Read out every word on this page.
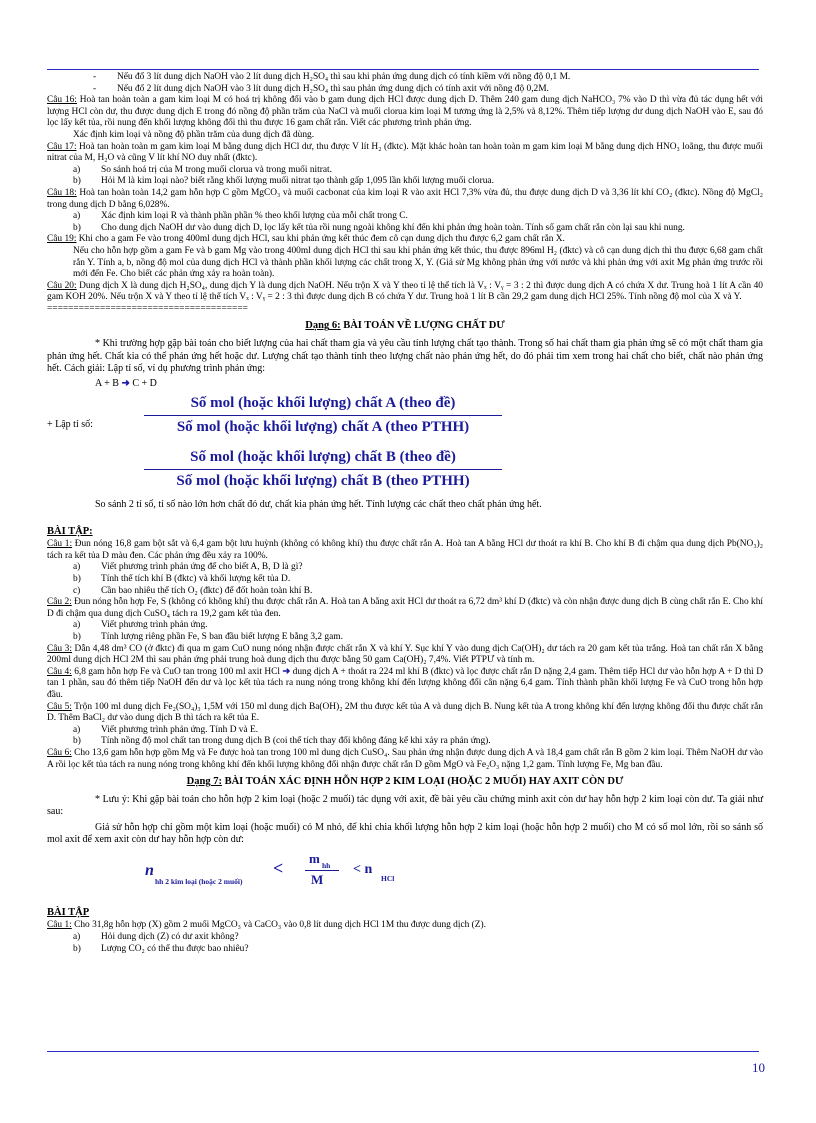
- Nếu đổ 3 lít dung dịch NaOH vào 2 lít dung dịch H₂SO₄ thì sau khi phản ứng dung dịch có tính kiềm với nồng độ 0,1 M.

- Nếu đổ 2 lít dung dịch NaOH vào 3 lít dung dịch H₂SO₄ thì sau phản ứng dung dịch có tính axit với nồng độ 0,2M.

Câu 16: Hoà tan hoàn toàn a gam kim loại M có hoá trị không đổi vào b gam dung dịch HCl được dung dịch D. Thêm 240 gam dung dịch NaHCO₃ 7% vào D thì vừa đủ tác dụng hết với lượng HCl còn dư, thu được dung dịch E trong đó nồng độ phần trăm của NaCl và muối clorua kim loại M tương ứng là 2,5% và 8,12%. Thêm tiếp lượng dư dung dịch NaOH vào E, sau đó lọc lấy kết tủa, rồi nung đến khối lượng không đổi thì thu được 16 gam chất rắn. Viết các phương trình phản ứng.

Xác định kim loại và nồng độ phần trăm của dung dịch đã dùng.

Câu 17: Hoà tan hoàn toàn m gam kim loại M bằng dung dịch HCl dư, thu được V lít H₂ (đktc). Mặt khác hoàn tan hoàn toàn m gam kim loại M bằng dung dịch HNO₃ loãng, thu được muối nitrat của M, H₂O và cũng V lít khí NO duy nhất (đktc).

a)	So sánh hoá trị của M trong muối clorua và trong muối nitrat.
b)	Hỏi M là kim loại nào? biết rằng khối lượng muối nitrat tạo thành gấp 1,095 lần khối lượng muối clorua.

Câu 18: Hoà tan hoàn toàn 14,2 gam hỗn hợp C gồm MgCO₃ và muối cacbonat của kim loại R vào axit HCl 7,3% vừa đủ, thu được dung dịch D và 3,36 lít khí CO₂ (đktc). Nồng độ MgCl₂ trong dung dịch D bằng 6,028%.

a)	Xác định kim loại R và thành phần phần % theo khối lượng của mỗi chất trong C.
b)	Cho dung dịch NaOH dư vào dung dịch D, lọc lấy kết tủa rồi nung ngoài không khí đến khi phản ứng hoàn toàn. Tính số gam chất rắn còn lại sau khi nung.

Câu 19: Khi cho a gam Fe vào trong 400ml dung dịch HCl, sau khi phản ứng kết thúc đem cô cạn dung dịch thu được 6,2 gam chất rắn X.

Nếu cho hỗn hợp gồm a gam Fe và b gam Mg vào trong 400ml dung dịch HCl thì sau khi phản ứng kết thúc, thu được 896ml H₂ (đktc) và cô cạn dung dịch thì thu được 6,68 gam chất rắn Y. Tính a, b, nồng độ mol của dung dịch HCl và thành phần khối lượng các chất trong X, Y. (Giả sử Mg không phản ứng với nước và khi phản ứng với axit Mg phản ứng trước rồi mới đến Fe. Cho biết các phản ứng xảy ra hoàn toàn).

Câu 20: Dung dịch X là dung dịch H₂SO₄, dung dịch Y là dung dịch NaOH. Nếu trộn X và Y theo tỉ lệ thể tích là Vₓ : Vᵧ = 3 : 2 thì được dung dịch A có chứa X dư. Trung hoà 1 lít A cần 40 gam KOH 20%. Nếu trộn X và Y theo tỉ lệ thể tích Vₓ : Vᵧ = 2 : 3 thì được dung dịch B có chứa Y dư. Trung hoà 1 lít B cần 29,2 gam dung dịch HCl 25%. Tính nồng độ mol của X và Y.

======================================

Dạng 6: BÀI TOÁN VỀ LƯỢNG CHẤT DƯ

* Khi trường hợp gặp bài toán cho biết lượng của hai chất tham gia và yêu cầu tính lượng chất tạo thành. Trong số hai chất tham gia phản ứng sẽ có một chất tham gia phản ứng hết. Chất kia có thể phản ứng hết hoặc dư. Lượng chất tạo thành tính theo lượng chất nào phản ứng hết, do đó phải tìm xem trong hai chất cho biết, chất nào phản ứng hết. Cách giải: Lập tỉ số, ví dụ phương trình phản ứng:

A + B ➜ C + D
+ Lập tỉ số:
Số mol (hoặc khối lượng) chất A (theo đề)
Số mol (hoặc khối lượng) chất A (theo PTHH)
Số mol (hoặc khối lượng) chất B (theo đề)
Số mol (hoặc khối lượng) chất B (theo PTHH)

So sánh 2 tỉ số, tỉ số nào lớn hơn chất đó dư, chất kia phản ứng hết. Tính lượng các chất theo chất phản ứng hết.

BÀI TẬP:

Câu 1: Đun nóng 16,8 gam bột sắt và 6,4 gam bột lưu huỳnh (không có không khí) thu được chất rắn A. Hoà tan A bằng HCl dư thoát ra khí B. Cho khí B đi chậm qua dung dịch Pb(NO₃)₂ tách ra kết tủa D màu đen. Các phản ứng đều xảy ra 100%.

a)	Viết phương trình phản ứng để cho biết A, B, D là gì?
b)	Tính thể tích khí B (đktc) và khối lượng kết tủa D.
c)	Cần bao nhiêu thể tích O₂ (đktc) để đốt hoàn toàn khí B.

Câu 2: Đun nóng hỗn hợp Fe, S (không có không khí) thu được chất rắn A. Hoà tan A bằng axit HCl dư thoát ra 6,72 dm³ khí D (đktc) và còn nhận được dung dịch B cùng chất rắn E. Cho khí D đi chậm qua dung dịch CuSO₄ tách ra 19,2 gam kết tủa đen.

a)	Viết phương trình phản ứng.
b)	Tính lượng riêng phần Fe, S ban đầu biết lượng E bằng 3,2 gam.

Câu 3: Dẫn 4,48 dm³ CO (ở đktc) đi qua m gam CuO nung nóng nhận được chất rắn X và khí Y. Sục khí Y vào dung dịch Ca(OH)₂ dư tách ra 20 gam kết tủa trắng. Hoà tan chất rắn X bằng 200ml dung dịch HCl 2M thì sau phản ứng phải trung hoà dung dịch thu được bằng 50 gam Ca(OH)₂ 7,4%. Viết PTPƯ và tính m.

Câu 4: 6,8 gam hỗn hợp Fe và CuO tan trong 100 ml axit HCl ➜ dung dịch A + thoát ra 224 ml khí B (đktc) và lọc được chất rắn D nặng 2,4 gam. Thêm tiếp HCl dư vào hỗn hợp A + D thì D tan 1 phần, sau đó thêm tiếp NaOH đến dư và lọc kết tủa tách ra nung nóng trong không khí đến lượng không đổi cân nặng 6,4 gam. Tính thành phần khối lượng Fe và CuO trong hỗn hợp đầu.

Câu 5: Trộn 100 ml dung dịch Fe₂(SO₄)₃ 1,5M với 150 ml dung dịch Ba(OH)₂ 2M thu được kết tủa A và dung dịch B. Nung kết tủa A trong không khí đến lượng không đổi thu được chất rắn D. Thêm BaCl₂ dư vào dung dịch B thì tách ra kết tủa E.

a)	Viết phương trình phản ứng. Tính D và E.
b)	Tính nồng độ mol chất tan trong dung dịch B (coi thể tích thay đổi không đáng kể khi xảy ra phản ứng).

Câu 6: Cho 13,6 gam hỗn hợp gồm Mg và Fe được hoà tan trong 100 ml dung dịch CuSO₄. Sau phản ứng nhận được dung dịch A và 18,4 gam chất rắn B gồm 2 kim loại. Thêm NaOH dư vào A rồi lọc kết tủa tách ra nung nóng trong không khí đến khối lượng không đổi nhận được chất rắn D gồm MgO và Fe₂O₃ nặng 1,2 gam. Tính lượng Fe, Mg ban đầu.

Dạng 7: BÀI TOÁN XÁC ĐỊNH HỖN HỢP 2 KIM LOẠI (HOẶC 2 MUỐI) HAY AXIT CÒN DƯ

* Lưu ý: Khi gặp bài toán cho hỗn hợp 2 kim loại (hoặc 2 muối) tác dụng với axit, đề bài yêu cầu chứng minh axit còn dư hay hỗn hợp 2 kim loại còn dư. Ta giải như sau:

Giả sử hỗn hợp chỉ gồm một kim loại (hoặc muối) có M nhỏ, để khi chia khối lượng hỗn hợp 2 kim loại (hoặc hỗn hợp 2 muối) cho M có số mol lớn, rồi so sánh số mol axit để xem axit còn dư hay hỗn hợp còn dư:

n
hh 2 kim loại (hoặc 2 muối)
< m hh
M
< n
HCl
BÀI TẬP

Câu 1: Cho 31,8g hỗn hợp (X) gồm 2 muối MgCO₃ và CaCO₃ vào 0,8 lít dung dịch HCl 1M thu được dung dịch (Z).

a)	Hỏi dung dịch (Z) có dư axit không?
b)	Lượng CO₂ có thể thu được bao nhiêu?
10
